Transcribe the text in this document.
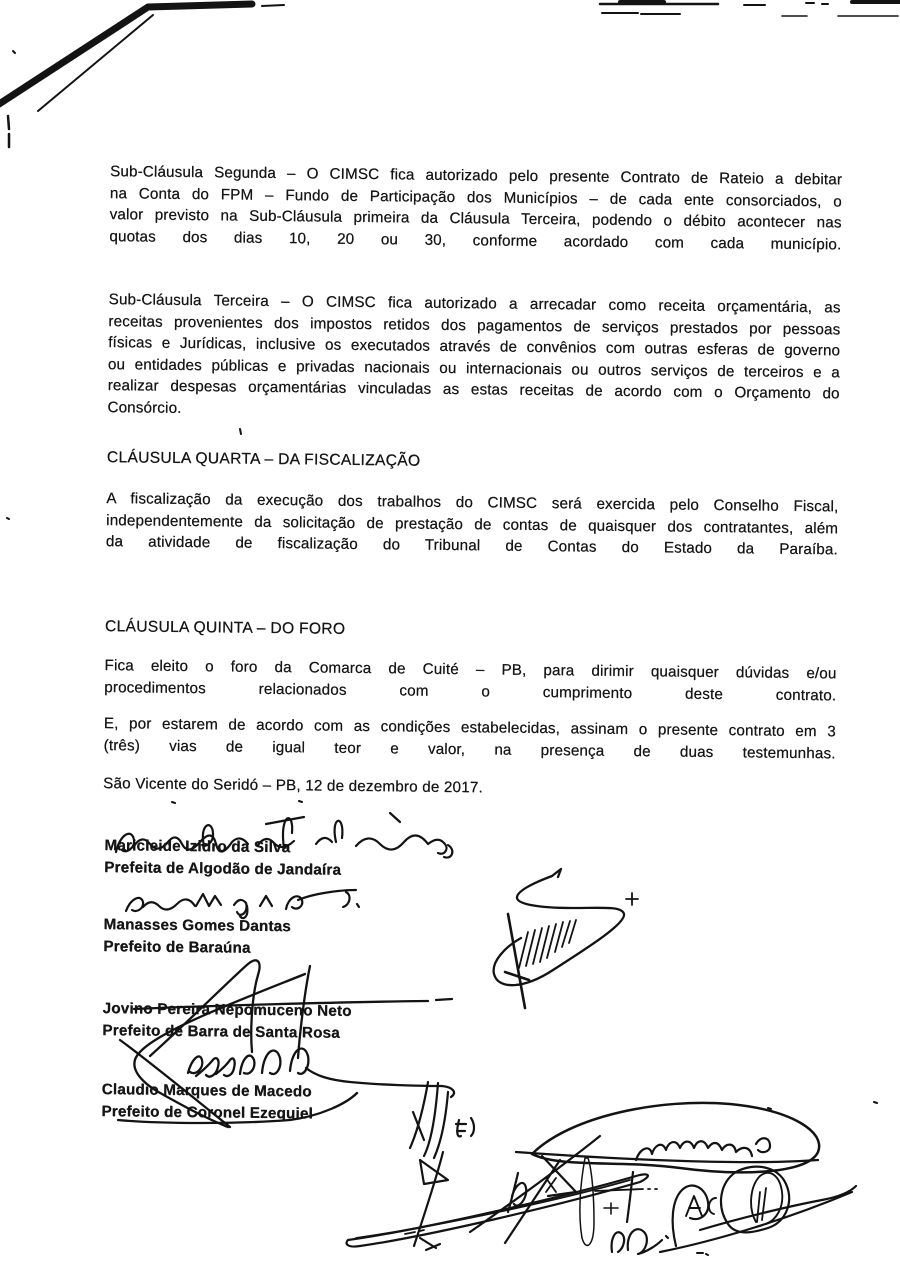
Sub-Cláusula Segunda – O CIMSC fica autorizado pelo presente Contrato de Rateio a debitar na Conta do FPM – Fundo de Participação dos Municípios – de cada ente consorciados, o valor previsto na Sub-Cláusula primeira da Cláusula Terceira, podendo o débito acontecer nas quotas dos dias 10, 20 ou 30, conforme acordado com cada município.
Sub-Cláusula Terceira – O CIMSC fica autorizado a arrecadar como receita orçamentária, as receitas provenientes dos impostos retidos dos pagamentos de serviços prestados por pessoas físicas e Jurídicas, inclusive os executados através de convênios com outras esferas de governo ou entidades públicas e privadas nacionais ou internacionais ou outros serviços de terceiros e a realizar despesas orçamentárias vinculadas as estas receitas de acordo com o Orçamento do Consórcio.
CLÁUSULA QUARTA – DA FISCALIZAÇÃO
A fiscalização da execução dos trabalhos do CIMSC será exercida pelo Conselho Fiscal, independentemente da solicitação de prestação de contas de quaisquer dos contratantes, além da atividade de fiscalização do Tribunal de Contas do Estado da Paraíba.
CLÁUSULA QUINTA – DO FORO
Fica eleito o foro da Comarca de Cuité – PB, para dirimir quaisquer dúvidas e/ou procedimentos relacionados com o cumprimento deste contrato.
E, por estarem de acordo com as condições estabelecidas, assinam o presente contrato em 3 (três) vias de igual teor e valor, na presença de duas testemunhas.
São Vicente do Seridó – PB, 12 de dezembro de 2017.
Maricleide Izidro da Silva
Prefeita de Algodão de Jandaíra
Manasses Gomes Dantas
Prefeito de Baraúna
Jovino Pereira Nepomuceno Neto
Prefeito de Barra de Santa Rosa
Claudio Marques de Macedo
Prefeito de Coronel Ezequiel
